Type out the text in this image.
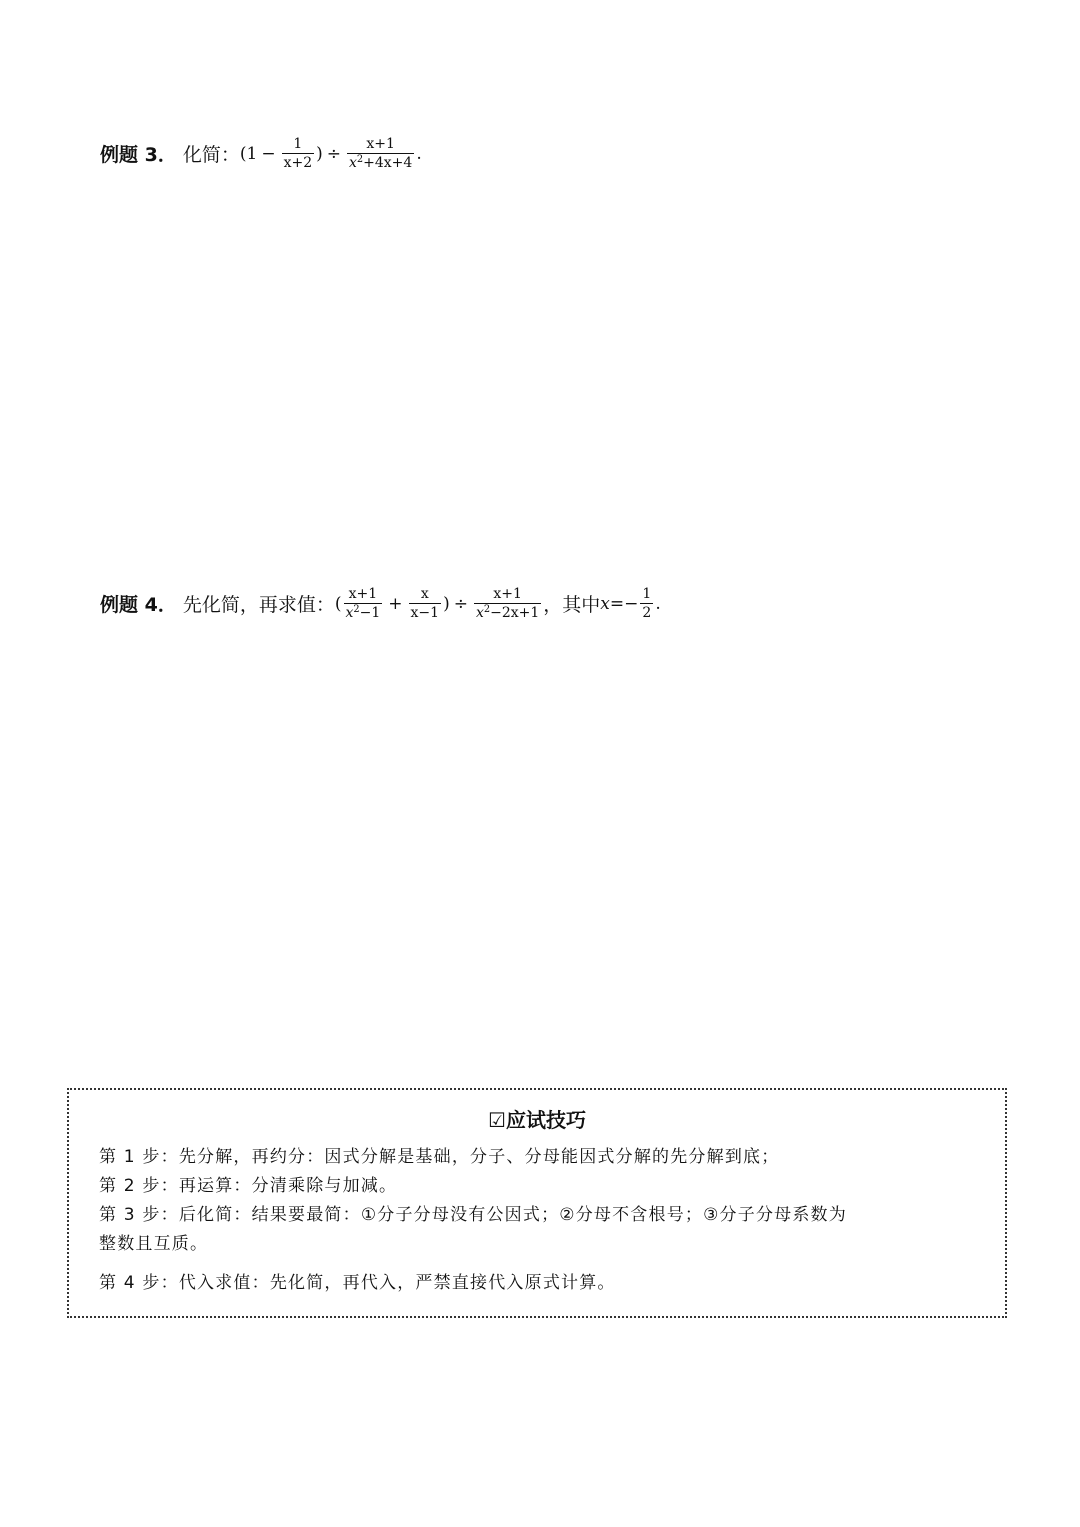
例题 3． 化简： ($1 - \frac{1}{x+2}$ ) ÷ $\frac{x+1}{x^2+4x+4}$ .
例题 4． 先化简，再求值： ( $\frac{x+1}{x^2-1} + \frac{x}{x-1}$ ) ÷ $\frac{x+1}{x^2-2x+1}$ ，其中 $x =- \frac{1}{2}$ .
☑应试技巧
第 1 步：先分解，再约分：因式分解是基础，分子、分母能因式分解的先分解到底；
第 2 步：再运算：分清乘除与加减。
第 3 步：后化简：结果要最简：①分子分母没有公因式；②分母不含根号；③分子分母系数为
整数且互质。
第 4 步：代入求值：先化简，再代入，严禁直接代入原式计算。
